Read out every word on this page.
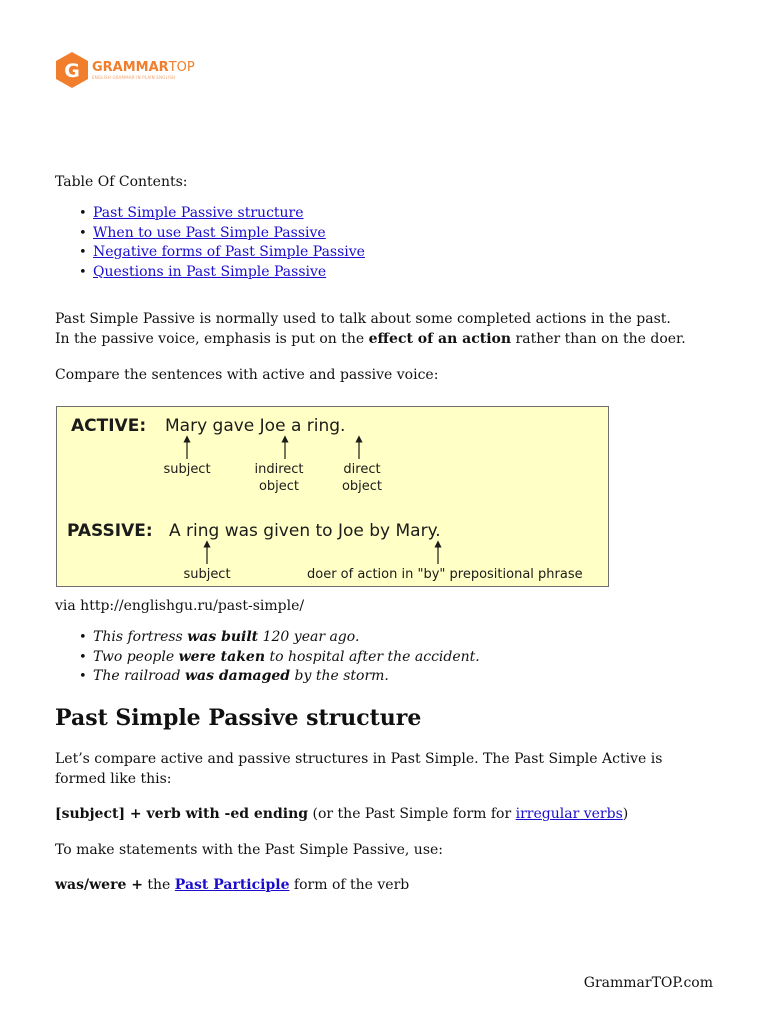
G GRAMMARTOP
ENGLISH GRAMMAR IN PLAIN ENGLISH

Table Of Contents:

• Past Simple Passive structure
• When to use Past Simple Passive
• Negative forms of Past Simple Passive
• Questions in Past Simple Passive

Past Simple Passive is normally used to talk about some completed actions in the past.

In the passive voice, emphasis is put on the effect of an action rather than on the doer.

Compare the sentences with active and passive voice:

ACTIVE: Mary gave Joe a ring.
subject	indirect
object
direct
object
PASSIVE: A ring was given to Joe by Mary.
subject	doer of action in "by" prepositional phrase

via http://englishgu.ru/past-simple/

• This fortress was built 120 year ago.
• Two people were taken to hospital after the accident.
• The railroad was damaged by the storm.
Past Simple Passive structure

Let’s compare active and passive structures in Past Simple. The Past Simple Active is formed like this:

[subject] + verb with -ed ending (or the Past Simple form for irregular verbs)

To make statements with the Past Simple Passive, use:

was/were + the Past Participle form of the verb

GrammarTOP.com
